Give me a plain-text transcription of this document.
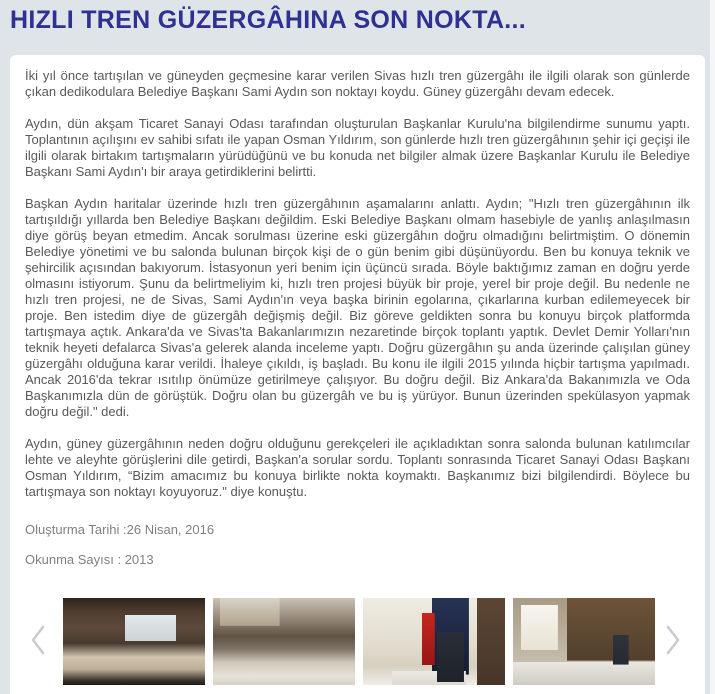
HIZLI TREN GÜZERGÂHINA SON NOKTA...

İki yıl önce tartışılan ve güneyden geçmesine karar verilen Sivas hızlı tren güzergâhı ile ilgili olarak son günlerde çıkan dedikodulara Belediye Başkanı Sami Aydın son noktayı koydu. Güney güzergâhı devam edecek.

Aydın, dün akşam Ticaret Sanayi Odası tarafından oluşturulan Başkanlar Kurulu'na bilgilendirme sunumu yaptı. Toplantının açılışını ev sahibi sıfatı ile yapan Osman Yıldırım, son günlerde hızlı tren güzergâhının şehir içi geçişi ile ilgili olarak birtakım tartışmaların yürüdüğünü ve bu konuda net bilgiler almak üzere Başkanlar Kurulu ile Belediye Başkanı Sami Aydın'ı bir araya getirdiklerini belirtti.

Başkan Aydın haritalar üzerinde hızlı tren güzergâhının aşamalarını anlattı. Aydın; "Hızlı tren güzergâhının ilk tartışıldığı yıllarda ben Belediye Başkanı değildim. Eski Belediye Başkanı olmam hasebiyle de yanlış anlaşılmasın diye görüş beyan etmedim. Ancak sorulması üzerine eski güzergâhın doğru olmadığını belirtmiştim. O dönemin Belediye yönetimi ve bu salonda bulunan birçok kişi de o gün benim gibi düşünüyordu. Ben bu konuya teknik ve şehircilik açısından bakıyorum. İstasyonun yeri benim için üçüncü sırada. Böyle baktığımız zaman en doğru yerde olmasını istiyorum. Şunu da belirtmeliyim ki, hızlı tren projesi büyük bir proje, yerel bir proje değil. Bu nedenle ne hızlı tren projesi, ne de Sivas, Sami Aydın'ın veya başka birinin egolarına, çıkarlarına kurban edilemeyecek bir proje. Ben istedim diye de güzergâh değişmiş değil. Biz göreve geldikten sonra bu konuyu birçok platformda tartışmaya açtık. Ankara'da ve Sivas'ta Bakanlarımızın nezaretinde birçok toplantı yaptık. Devlet Demir Yolları'nın teknik heyeti defalarca Sivas'a gelerek alanda inceleme yaptı. Doğru güzergâhın şu anda üzerinde çalışılan güney güzergâhı olduğuna karar verildi. İhaleye çıkıldı, iş başladı. Bu konu ile ilgili 2015 yılında hiçbir tartışma yapılmadı. Ancak 2016'da tekrar ısıtılıp önümüze getirilmeye çalışıyor. Bu doğru değil. Biz Ankara'da Bakanımızla ve Oda Başkanımızla dün de görüştük. Doğru olan bu güzergâh ve bu iş yürüyor. Bunun üzerinden spekülasyon yapmak doğru değil." dedi.

Aydın, güney güzergâhının neden doğru olduğunu gerekçeleri ile açıkladıktan sonra salonda bulunan katılımcılar lehte ve aleyhte görüşlerini dile getirdi, Başkan'a sorular sordu. Toplantı sonrasında Ticaret Sanayi Odası Başkanı Osman Yıldırım, “Bizim amacımız bu konuya birlikte nokta koymaktı. Başkanımız bizi bilgilendirdi. Böylece bu tartışmaya son noktayı koyuyoruz." diye konuştu.

Oluşturma Tarihi :26 Nisan, 2016

Okunma Sayısı : 2013
